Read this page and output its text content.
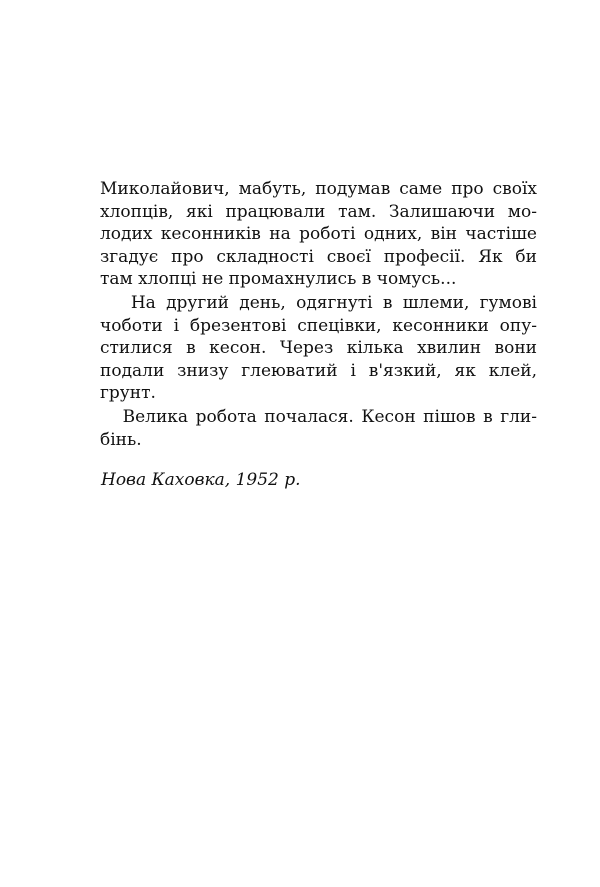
Миколайович, мабуть, подумав саме про своїх
хлопців, які працювали там. Залишаючи мо-
лодих кесонників на роботі одних, він частіше
згадує про складності своєї професії. Як би
там хлопці не промахнулись в чомусь...

На другий день, одягнуті в шлеми, гумові
чоботи і брезентові спецівки, кесонники опу-
стилися в кесон. Через кілька хвилин вони
подали знизу глеюватий і в'язкий, як клей,
грунт.

Велика робота почалася. Кесон пішов в гли-
бінь.

Нова Каховка, 1952 р.
